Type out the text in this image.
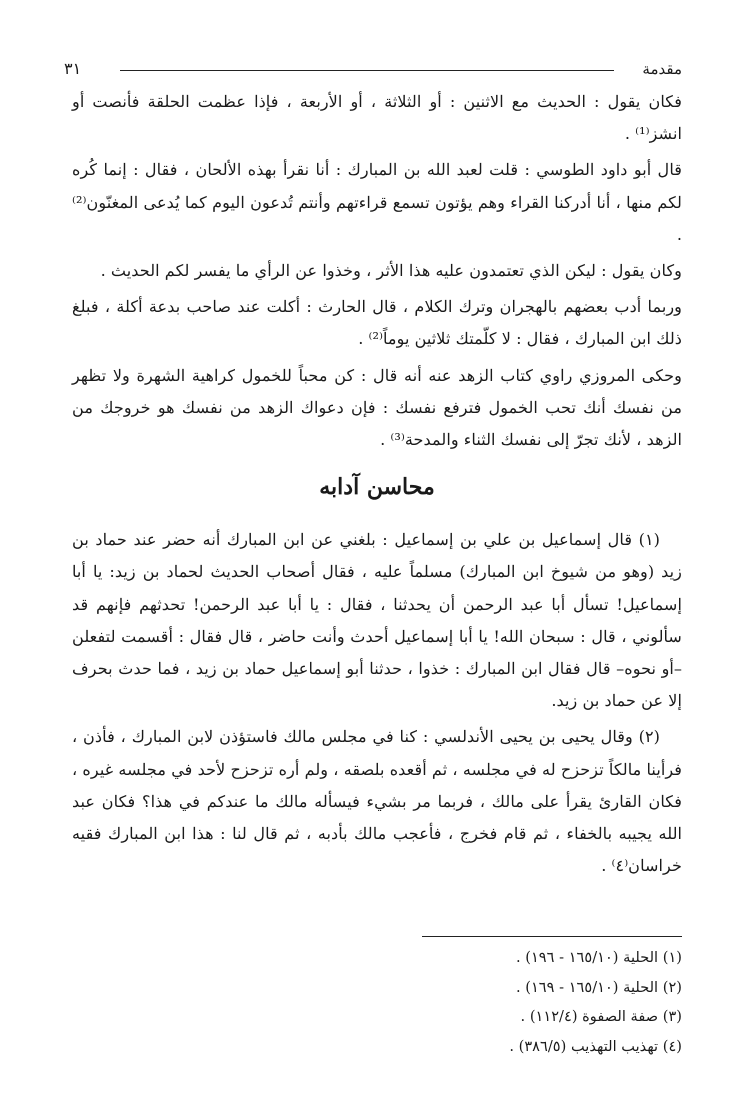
مقدمة
٣١

فكان يقول : الحديث مع الاثنين : أو الثلاثة ، أو الأربعة ، فإذا عظمت الحلقة فأنصت أو انشز⁽¹⁾ .

قال أبو داود الطوسي : قلت لعبد الله بن المبارك : أنا نقرأ بهذه الألحان ، فقال : إنما كُره لكم منها ، أنا أدركنا القراء وهم يؤتون تسمع قراءتهم وأنتم تُدعون اليوم كما يُدعى المغنّون⁽²⁾ .

وكان يقول : ليكن الذي تعتمدون عليه هذا الأثر ، وخذوا عن الرأي ما يفسر لكم الحديث .

وربما أدب بعضهم بالهجران وترك الكلام ، قال الحارث : أكلت عند صاحب بدعة أكلة ، فبلغ ذلك ابن المبارك ، فقال : لا كلّمتك ثلاثين يوماً⁽²⁾ .

وحكى المروزي راوي كتاب الزهد عنه أنه قال : كن محباً للخمول كراهية الشهرة ولا تظهر من نفسك أنك تحب الخمول فترفع نفسك : فإن دعواك الزهد من نفسك هو خروجك من الزهد ، لأنك تجرّ إلى نفسك الثناء والمدحة⁽³⁾ .

محاسن آدابه

(١) قال إسماعيل بن علي بن إسماعيل : بلغني عن ابن المبارك أنه حضر عند حماد بن زيد (وهو من شيوخ ابن المبارك) مسلماً عليه ، فقال أصحاب الحديث لحماد بن زيد: يا أبا إسماعيل! تسأل أبا عبد الرحمن أن يحدثنا ، فقال : يا أبا عبد الرحمن! تحدثهم فإنهم قد سألوني ، قال : سبحان الله! يا أبا إسماعيل أحدث وأنت حاضر ، قال فقال : أقسمت لتفعلن –أو نحوه– قال فقال ابن المبارك : خذوا ، حدثنا أبو إسماعيل حماد بن زيد ، فما حدث بحرف إلا عن حماد بن زيد.

(٢) وقال يحيى بن يحيى الأندلسي : كنا في مجلس مالك فاستؤذن لابن المبارك ، فأذن ، فرأينا مالكاً تزحزح له في مجلسه ، ثم أقعده بلصقه ، ولم أره تزحزح لأحد في مجلسه غيره ، فكان القارئ يقرأ على مالك ، فربما مر بشيء فيسأله مالك ما عندكم في هذا؟ فكان عبد الله يجيبه بالخفاء ، ثم قام فخرج ، فأعجب مالك بأدبه ، ثم قال لنا : هذا ابن المبارك فقيه خراسان⁽٤⁾ .

(١) الحلية (١٦٥/١٠ - ١٩٦) .

(٢) الحلية (١٦٥/١٠ - ١٦٩) .

(٣) صفة الصفوة (١١٢/٤) .

(٤) تهذيب التهذيب (٣٨٦/٥) .
